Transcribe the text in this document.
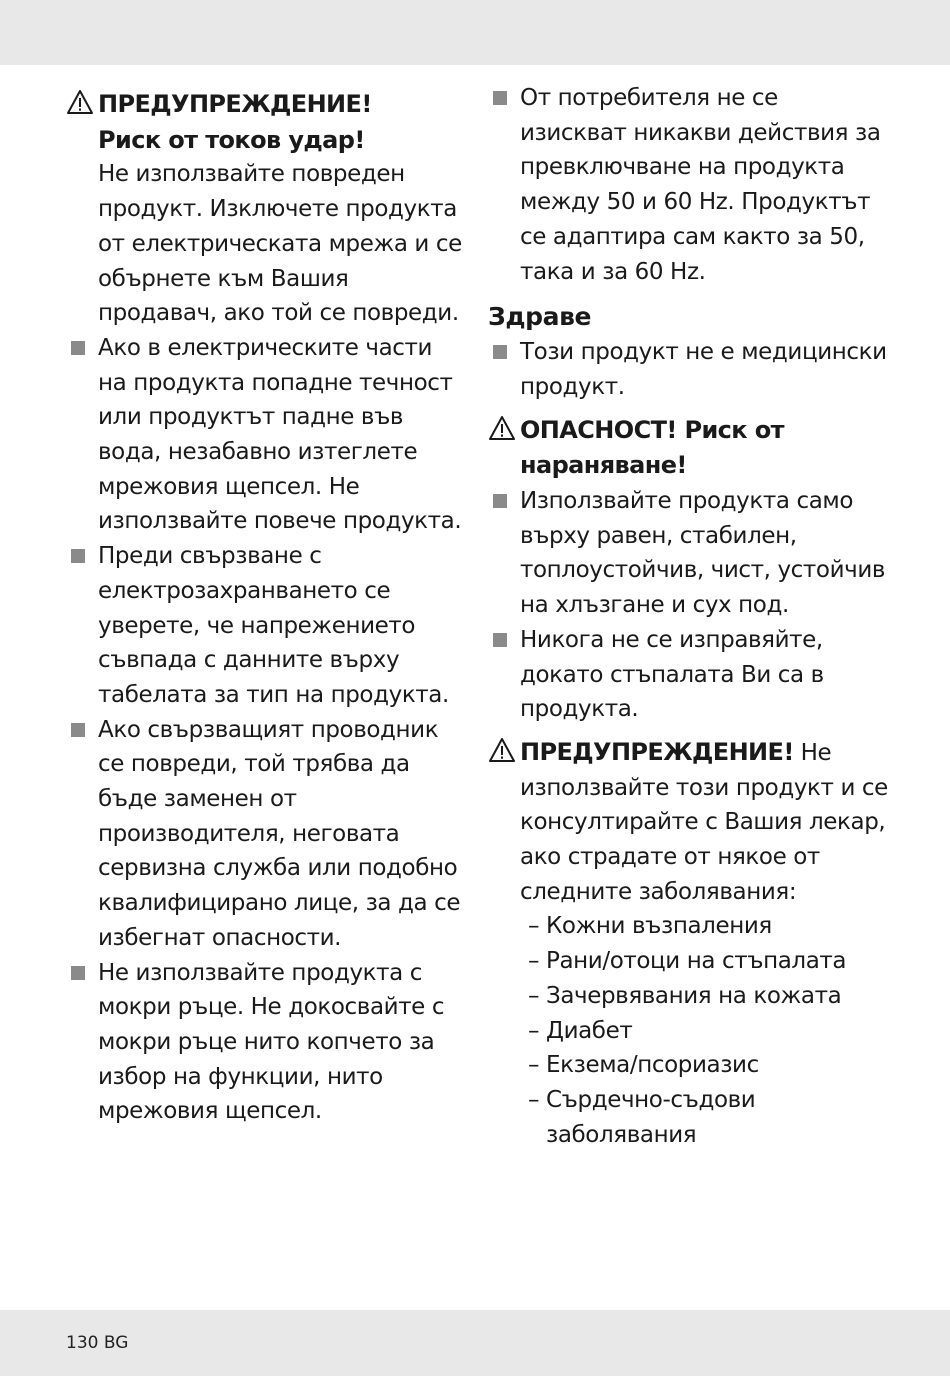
ПРЕДУПРЕЖДЕНИЕ!
Риск от токов удар!
Не използвайте повреден продукт. Изключете продукта от електрическата мрежа и се обърнете към Вашия продавач, ако той се повреди.
Ако в електрическите части на продукта попадне течност или продуктът падне във вода, незабавно изтеглете мрежовия щепсел. Не използвайте повече продукта.
Преди свързване с електрозахранването се уверете, че напрежението съвпада с данните върху табелата за тип на продукта.
Ако свързващият проводник се повреди, той трябва да бъде заменен от производителя, неговата сервизна служба или подобно квалифицирано лице, за да се избегнат опасности.
Не използвайте продукта с мокри ръце. Не докосвайте с мокри ръце нито копчето за избор на функции, нито мрежовия щепсел.
От потребителя не се изискват никакви действия за превключване на продукта между 50 и 60 Hz. Продуктът се адаптира сам както за 50, така и за 60 Hz.
Здраве
Този продукт не е медицински продукт.
ОПАСНОСТ! Риск от нараняване!
Използвайте продукта само върху равен, стабилен, топлоустойчив, чист, устойчив на хлъзгане и сух под.
Никога не се изправяйте, докато стъпалата Ви са в продукта.
ПРЕДУПРЕЖДЕНИЕ! Не използвайте този продукт и се консултирайте с Вашия лекар, ако страдате от някое от следните заболявания:
– Кожни възпаления
– Рани/отоци на стъпалата
– Зачервявания на кожата
– Диабет
– Екзема/псориазис
– Сърдечно-съдови заболявания
130 BG
